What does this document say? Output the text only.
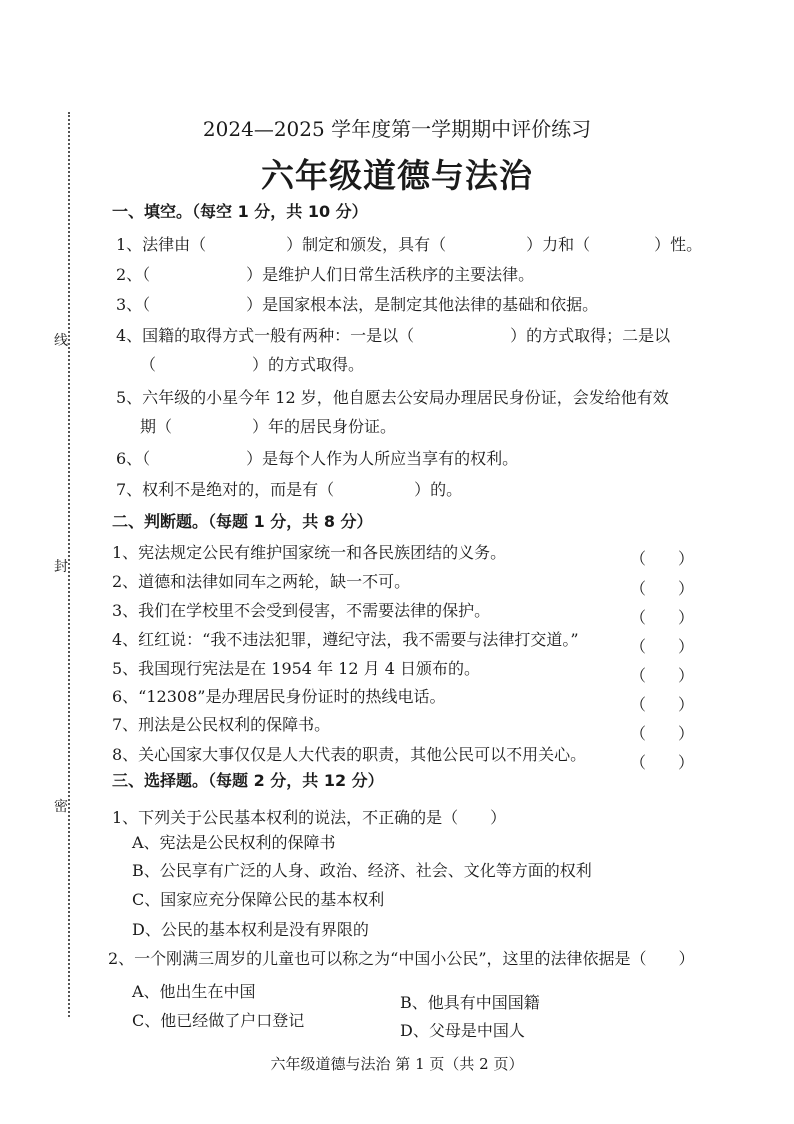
线
封
密
2024—2025 学年度第一学期期中评价练习
六年级道德与法治
一、填空。（每空 1 分，共 10 分）
1、法律由（　　　　　）制定和颁发，具有（　　　　　）力和（　　　　）性。
2、（　　　　　　）是维护人们日常生活秩序的主要法律。
3、（　　　　　　）是国家根本法，是制定其他法律的基础和依据。
4、国籍的取得方式一般有两种：一是以（　　　　　　）的方式取得；二是以
（　　　　　　）的方式取得。
5、六年级的小星今年 12 岁，他自愿去公安局办理居民身份证，会发给他有效
期（　　　　　）年的居民身份证。
6、（　　　　　　）是每个人作为人所应当享有的权利。
7、权利不是绝对的，而是有（　　　　　）的。
二、判断题。（每题 1 分，共 8 分）
1、宪法规定公民有维护国家统一和各民族团结的义务。
2、道德和法律如同车之两轮，缺一不可。
3、我们在学校里不会受到侵害，不需要法律的保护。
4、红红说：“我不违法犯罪，遵纪守法，我不需要与法律打交道。”
5、我国现行宪法是在 1954 年 12 月 4 日颁布的。
6、“12308”是办理居民身份证时的热线电话。
7、刑法是公民权利的保障书。
8、关心国家大事仅仅是人大代表的职责，其他公民可以不用关心。
（　　）
（　　）
（　　）
（　　）
（　　）
（　　）
（　　）
（　　）
三、选择题。（每题 2 分，共 12 分）
1、下列关于公民基本权利的说法，不正确的是（　　）
A、宪法是公民权利的保障书
B、公民享有广泛的人身、政治、经济、社会、文化等方面的权利
C、国家应充分保障公民的基本权利
D、公民的基本权利是没有界限的
2、一个刚满三周岁的儿童也可以称之为“中国小公民”，这里的法律依据是（　　）
A、他出生在中国
B、他具有中国国籍
C、他已经做了户口登记
D、父母是中国人
六年级道德与法治 第 1 页（共 2 页）
